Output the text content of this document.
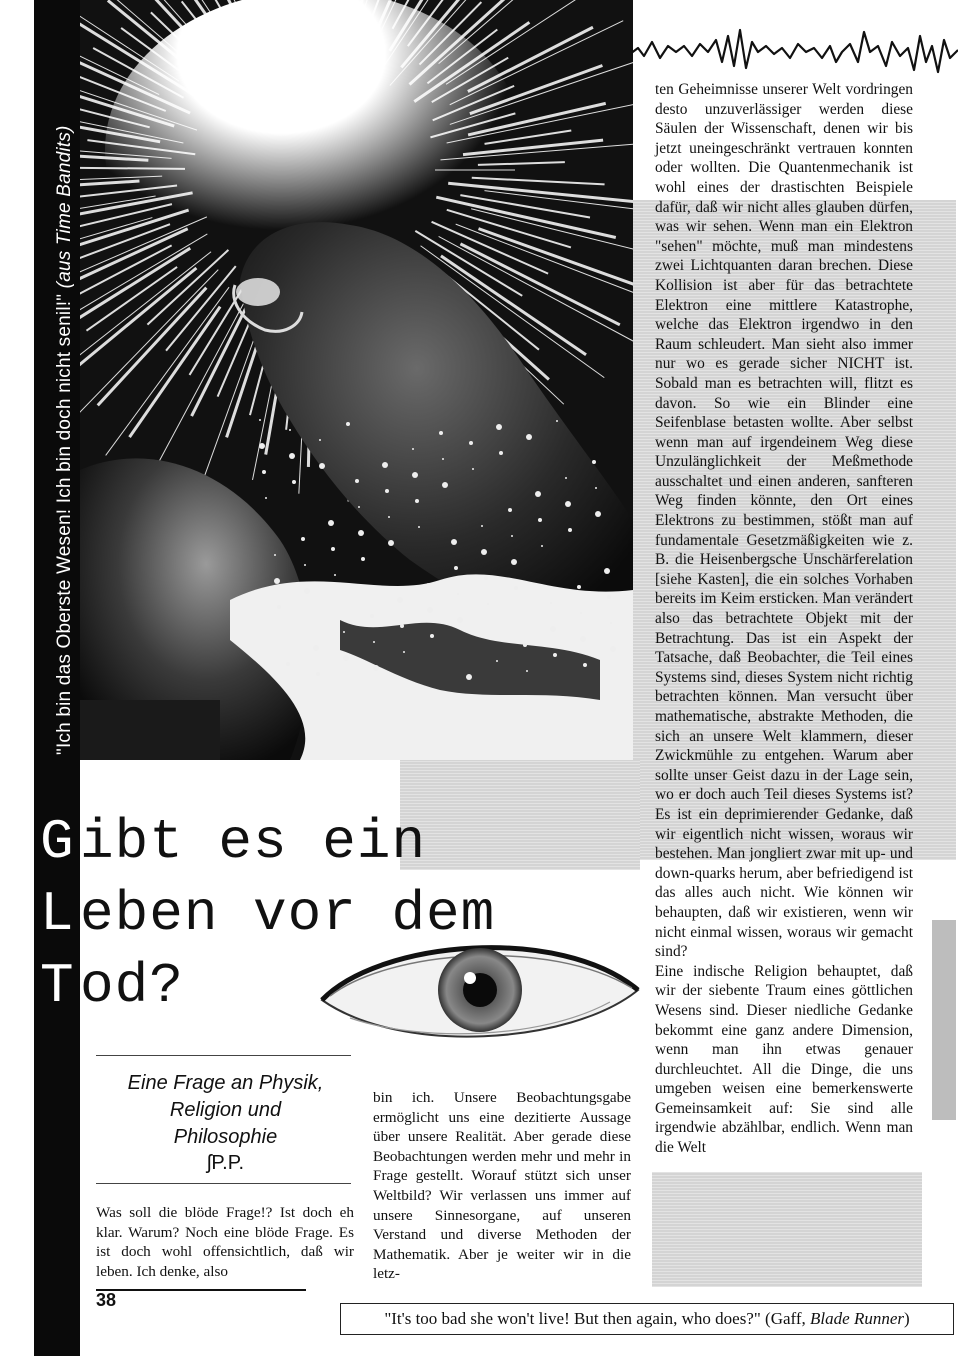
"Ich bin das Oberste Wesen! Ich bin doch nicht senil!" (aus Time Bandits)

ten Geheimnisse unserer Welt vordringen desto unzuverlässiger werden diese Säulen der Wissenschaft, denen wir bis jetzt uneingeschränkt vertrauen konnten oder wollten. Die Quantenmechanik ist wohl eines der drastischten Beispiele dafür, daß wir nicht alles glauben dürfen, was wir sehen. Wenn man ein Elektron "sehen" möchte, muß man mindestens zwei Lichtquanten daran brechen. Diese Kollision ist aber für das betrachtete Elektron eine mittlere Katastrophe, welche das Elektron irgendwo in den Raum schleudert. Man sieht also immer nur wo es gerade sicher NICHT ist. Sobald man es betrachten will, flitzt es davon. So wie ein Blinder eine Seifenblase betasten wollte. Aber selbst wenn man auf irgendeinem Weg diese Unzulänglichkeit der Meßmethode ausschaltet und einen anderen, sanfteren Weg finden könnte, den Ort eines Elektrons zu bestimmen, stößt man auf fundamentale Gesetzmäßigkeiten wie z. B. die Heisenbergsche Unschärferelation [siehe Kasten], die ein solches Vorhaben bereits im Keim ersticken. Man verändert also das betrachtete Objekt mit der Betrachtung. Das ist ein Aspekt der Tatsache, daß Beobachter, die Teil eines Systems sind, dieses System nicht richtig betrachten können. Man versucht über mathematische, abstrakte Methoden, die sich an unsere Welt klammern, dieser Zwickmühle zu entgehen. Warum aber sollte unser Geist dazu in der Lage sein, wo er doch auch Teil dieses Systems ist? Es ist ein deprimierender Gedanke, daß wir eigentlich nicht wissen, woraus wir bestehen. Man jongliert zwar mit up- und down-quarks herum, aber befriedigend ist das alles auch nicht. Wie können wir behaupten, daß wir existieren, wenn wir nicht einmal wissen, woraus wir gemacht sind?

Eine indische Religion behauptet, daß wir der siebente Traum eines göttlichen Wesens sind. Dieser niedliche Gedanke bekommt eine ganz andere Dimension, wenn man ihn etwas genauer durchleuchtet. All die Dinge, die uns umgeben weisen eine bemerkenswerte Gemeinsamkeit auf: Sie sind alle irgendwie abzählbar, endlich. Wenn man die Welt

Gibt es ein
Leben vor dem
Tod?
Eine Frage an Physik,
Religion und
Philosophie
ʃP.P.
Was soll die blöde Frage!? Ist doch eh klar. Warum? Noch eine blöde Frage. Es ist doch wohl offensichtlich, daß wir leben. Ich denke, also
bin ich. Unsere Beobachtungsgabe ermöglicht uns eine dezitierte Aussage über unsere Realität. Aber gerade diese Beobachtungen werden mehr und mehr in Frage gestellt. Worauf stützt sich unser Weltbild? Wir verlassen uns immer auf unsere Sinnesorgane, auf unseren Verstand und diverse Methoden der Mathematik. Aber je weiter wir in die letz-
38
"It's too bad she won't live! But then again, who does?" (Gaff, Blade Runner)
